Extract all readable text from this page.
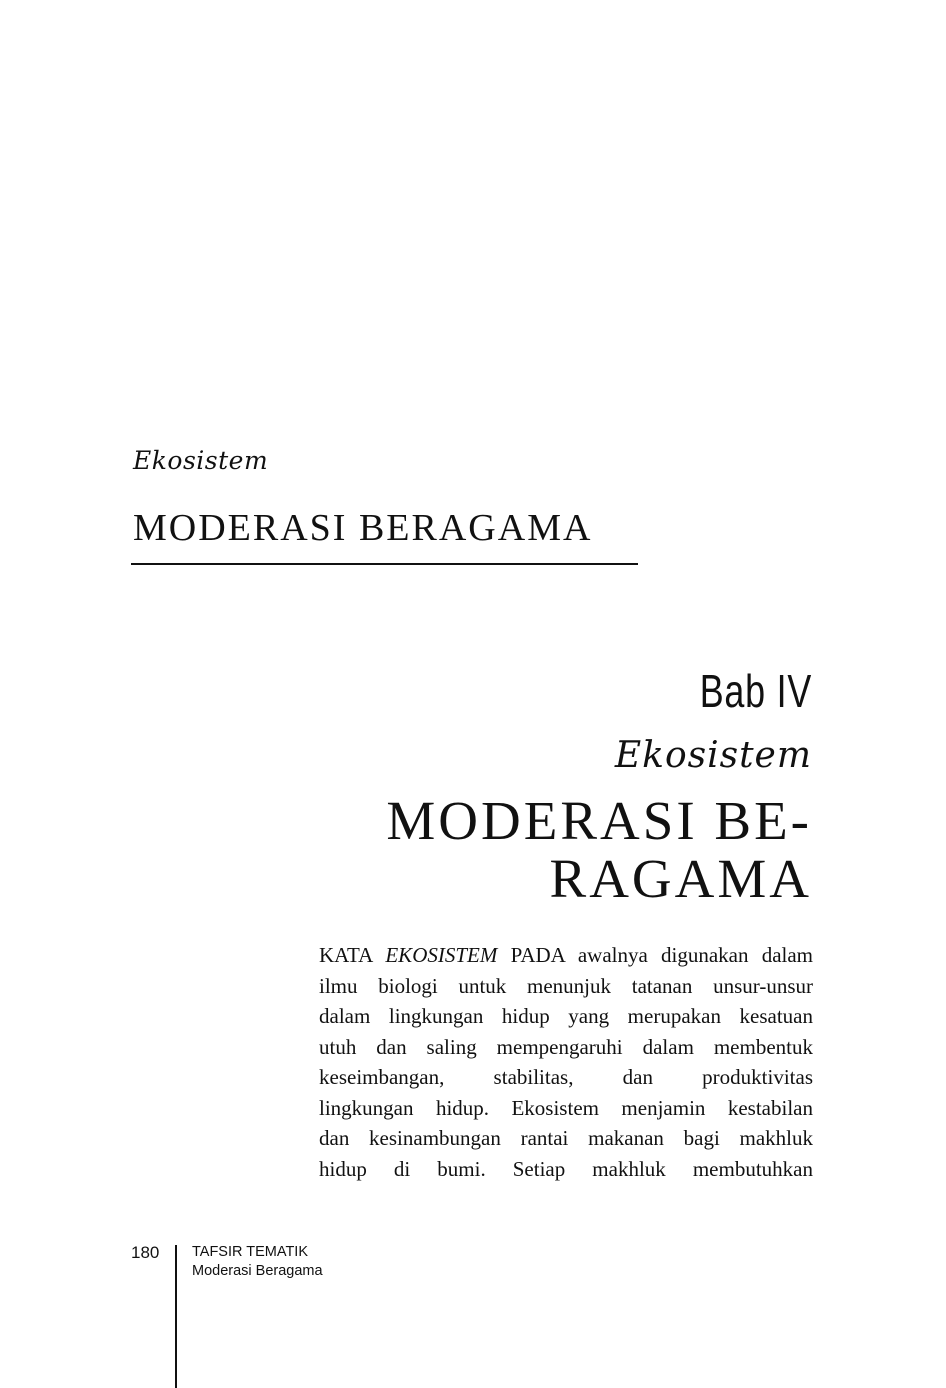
Ekosistem
MODERASI BERAGAMA
Bab IV
Ekosistem
MODERASI BE-
RAGAMA

KATA EKOSISTEM PADA awalnya digunakan dalam
ilmu biologi untuk menunjuk tatanan unsur-unsur
dalam lingkungan hidup yang merupakan kesatuan
utuh dan saling mempengaruhi dalam membentuk
keseimbangan, stabilitas, dan produktivitas
lingkungan hidup. Ekosistem menjamin kestabilan
dan kesinambungan rantai makanan bagi makhluk
hidup di bumi. Setiap makhluk membutuhkan

180 TAFSIR TEMATIK
Moderasi Beragama
